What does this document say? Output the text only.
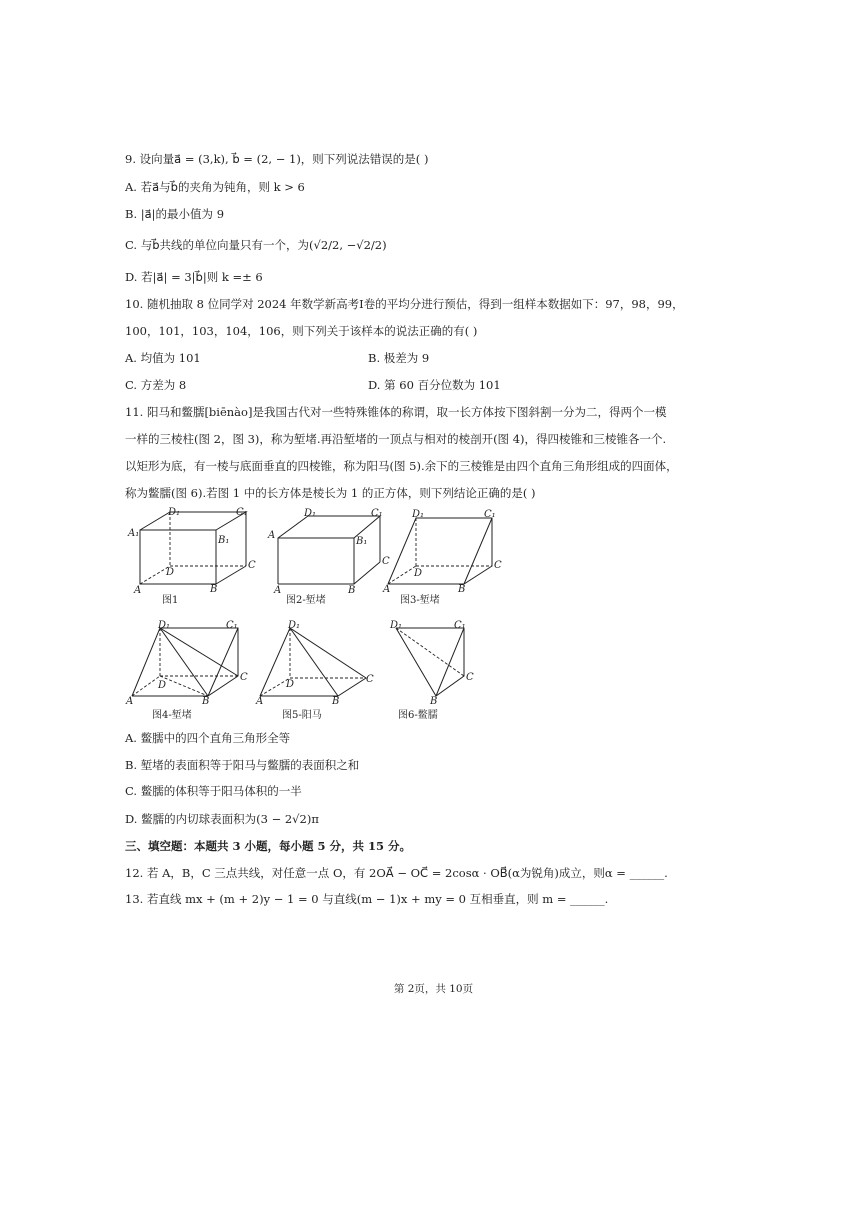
9. 设向量a⃗ = (3,k), b⃗ = (2, − 1)，则下列说法错误的是( )
A. 若a⃗与b⃗的夹角为钝角，则 k > 6
B. |a⃗|的最小值为 9
C. 与b⃗共线的单位向量只有一个，为(√2/2, −√2/2)
D. 若|a⃗| = 3|b⃗|则 k =± 6
10. 随机抽取 8 位同学对 2024 年数学新高考Ⅰ卷的平均分进行预估，得到一组样本数据如下：97，98，99，
100，101，103，104，106，则下列关于该样本的说法正确的有( )
A. 均值为 101	B. 极差为 9
C. 方差为 8	D. 第 60 百分位数为 101
11. 阳马和鳖臑[biēnào]是我国古代对一些特殊锥体的称谓，取一长方体按下图斜割一分为二，得两个一模
一样的三棱柱(图 2，图 3)，称为堑堵.再沿堑堵的一顶点与相对的棱剖开(图 4)，得四棱锥和三棱锥各一个.
以矩形为底，有一棱与底面垂直的四棱锥，称为阳马(图 5).余下的三棱锥是由四个直角三角形组成的四面体，
称为鳖臑(图 6).若图 1 中的长方体是棱长为 1 的正方体，则下列结论正确的是( )
A₁
D₁	C₁
B₁
A	B
C
D
图1
D₁	C₁
B₁
A
A	B
C
图2-堑堵
D₁	C₁
A	B
C
D
图3-堑堵
D₁	C₁
A	B
C
D
图4-堑堵
D₁
A	B
C
D
图5-阳马
D₁	C₁
B
C
图6-鳖臑
A. 鳖臑中的四个直角三角形全等
B. 堑堵的表面积等于阳马与鳖臑的表面积之和
C. 鳖臑的体积等于阳马体积的一半
D. 鳖臑的内切球表面积为(3 − 2√2)π
三、填空题：本题共 3 小题，每小题 5 分，共 15 分。
12. 若 A，B，C 三点共线，对任意一点 O，有 2OA⃗ − OC⃗ = 2cosα · OB⃗(α为锐角)成立，则α = ______.
13. 若直线 mx + (m + 2)y − 1 = 0 与直线(m − 1)x + my = 0 互相垂直，则 m = ______.
第 2页，共 10页
